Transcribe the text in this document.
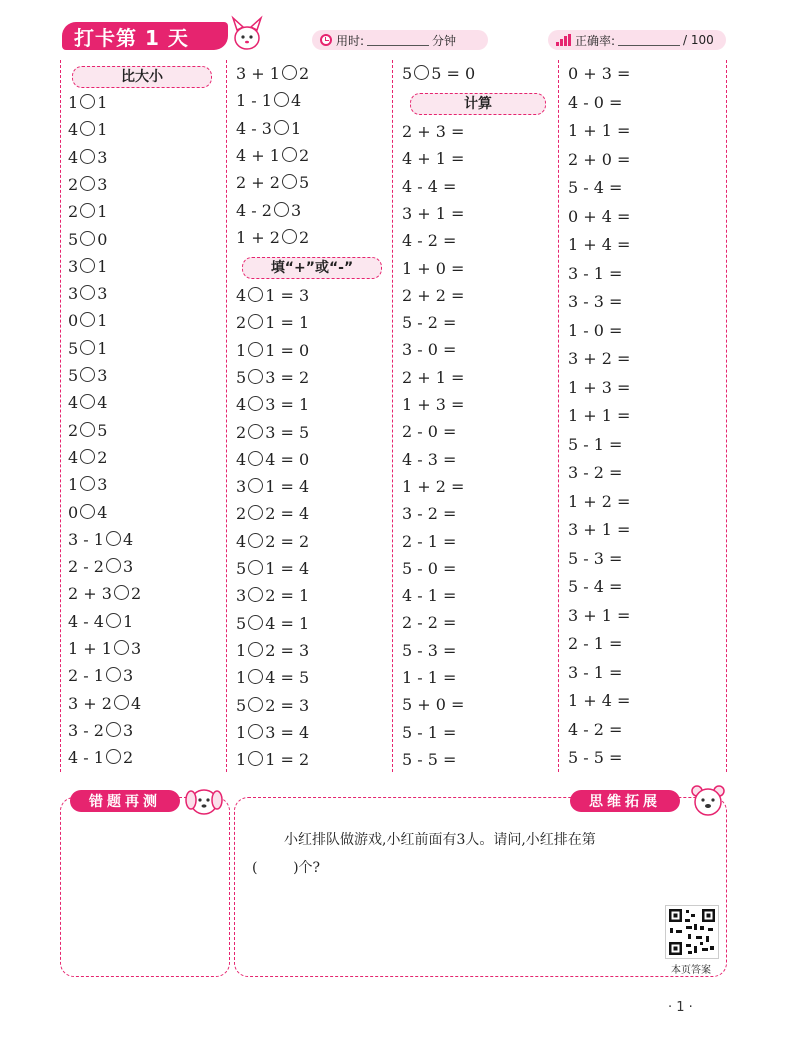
打卡第 1 天	用时:	分钟	正确率:	/ 100
比大小
1 1
4 1
4 3
2 3
2 1
5 0
3 1
3 3
0 1
5 1
5 3
4 4
2 5
4 2
1 3
0 4
3 - 1 4
2 - 2 3
2 + 3 2
4 - 4 1
1 + 1 3
2 - 1 3
3 + 2 4
3 - 2 3
4 - 1 2
填“+”或“-”
3 + 1 2
1 - 1 4
4 - 3 1
4 + 1 2
2 + 2 5
4 - 2 3
1 + 2 2
4 1 = 3
2 1 = 1
1 1 = 0
5 3 = 2
4 3 = 1
2 3 = 5
4 4 = 0
3 1 = 4
2 2 = 4
4 2 = 2
5 1 = 4
3 2 = 1
5 4 = 1
1 2 = 3
1 4 = 5
5 2 = 3
1 3 = 4
1 1 = 2
计算
5 5 = 0
2 + 3 =
4 + 1 =
4 - 4 =
3 + 1 =
4 - 2 =
1 + 0 =
2 + 2 =
5 - 2 =
3 - 0 =
2 + 1 =
1 + 3 =
2 - 0 =
4 - 3 =
1 + 2 =
3 - 2 =
2 - 1 =
5 - 0 =
4 - 1 =
2 - 2 =
5 - 3 =
1 - 1 =
5 + 0 =
5 - 1 =
5 - 5 =
0 + 3 =
4 - 0 =
1 + 1 =
2 + 0 =
5 - 4 =
0 + 4 =
1 + 4 =
3 - 1 =
3 - 3 =
1 - 0 =
3 + 2 =
1 + 3 =
1 + 1 =
5 - 1 =
3 - 2 =
1 + 2 =
3 + 1 =
5 - 3 =
5 - 4 =
3 + 1 =
2 - 1 =
3 - 1 =
1 + 4 =
4 - 2 =
5 - 5 =
错题再测	思维拓展
小红排队做游戏,小红前面有3人。请问,小红排在第
(        )个?
本页答案
· 1 ·
